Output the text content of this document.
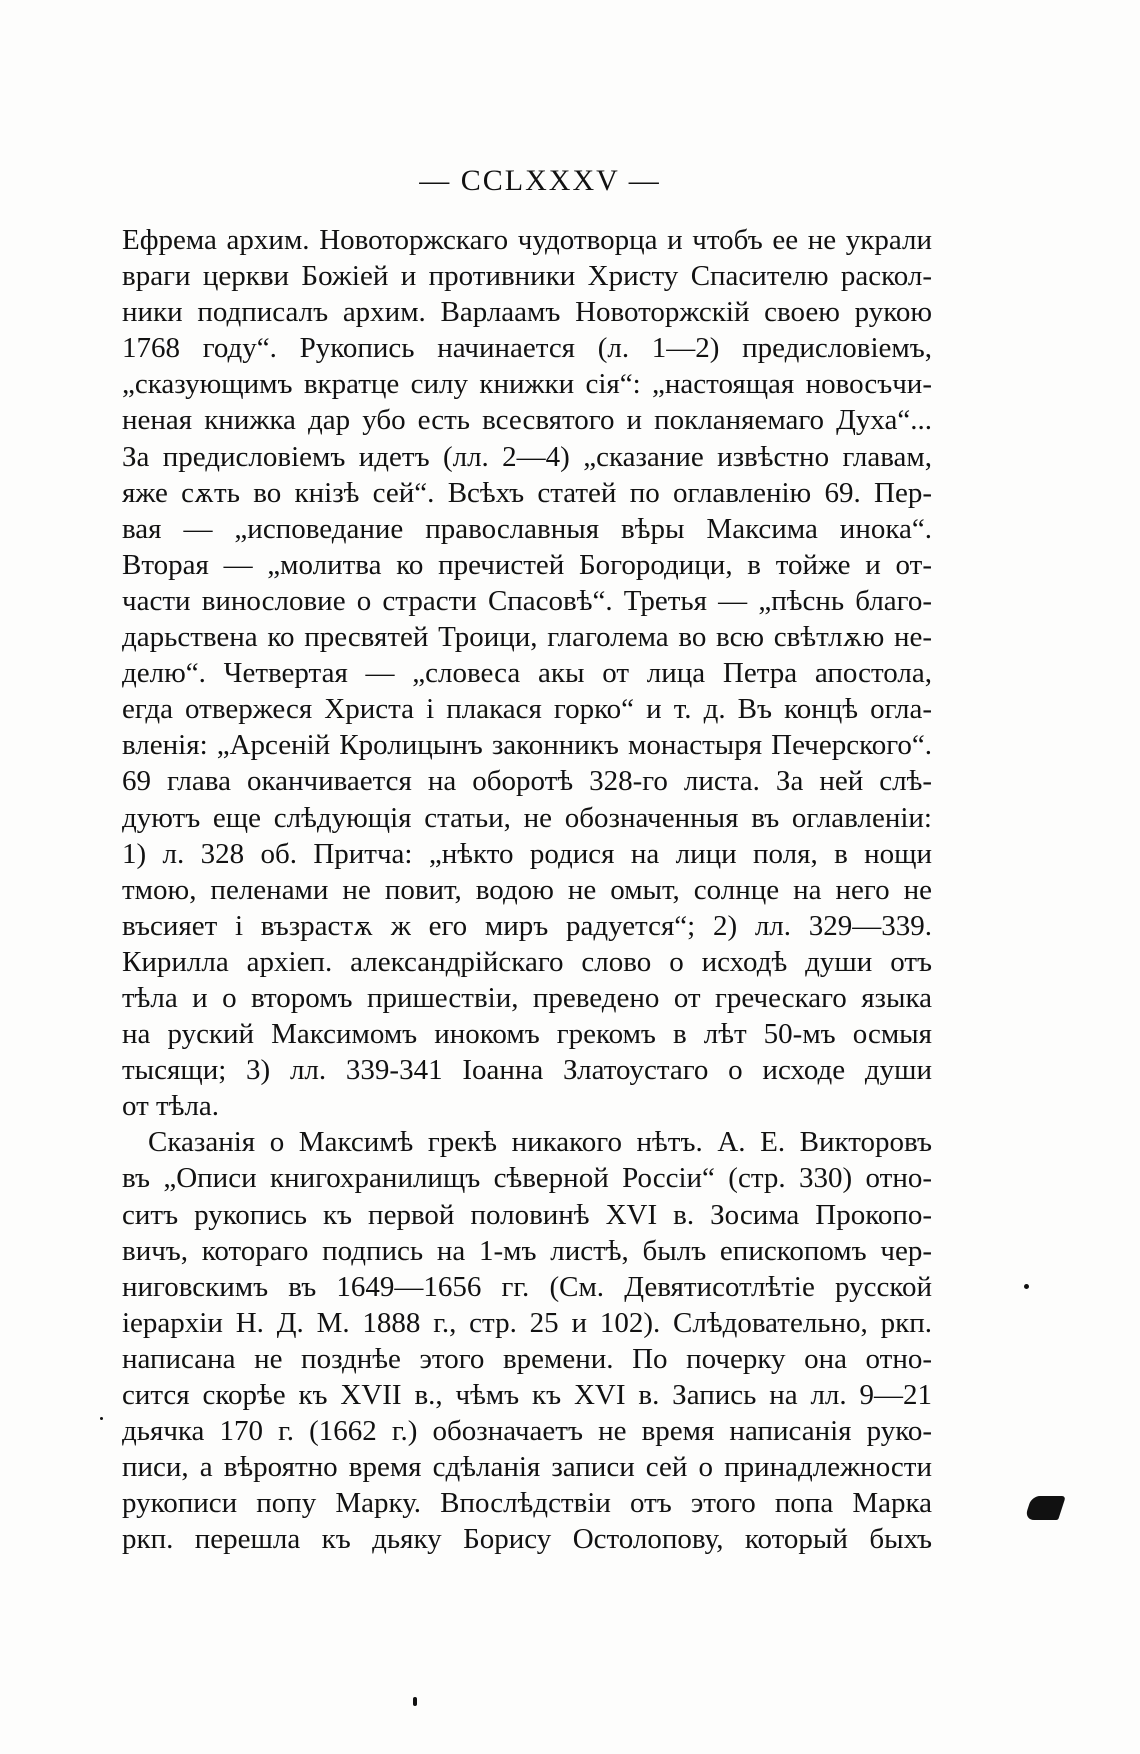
— CCLXXXV —
Ефрема архим. Новоторжскаго чудотворца и чтобъ ее не украли
враги церкви Божiей и противники Христу Спасителю раскол-
ники подписалъ архим. Варлаамъ Новоторжскiй своею рукою
1768 году“. Рукопись начинается (л. 1—2) предисловiемъ,
„сказующимъ вкратце силу книжки сiя“: „настоящая новосъчи-
неная книжка дар убо есть всесвятого и покланяемаго Духа“...
За предисловiемъ идетъ (лл. 2—4) „сказание извѣстно главам,
яже сѫть во кнiзѣ сей“. Всѣхъ статей по оглавленiю 69. Пер-
вая — „исповедание православныя вѣры Максима инока“.
Вторая — „молитва ко пречистей Богородици, в тойже и от-
части винословие о страсти Спасовѣ“. Третья — „пѣснь благо-
дарьствена ко пресвятей Троици, глаголема во всю свѣтлѫю не-
делю“. Четвертая — „словеса акы от лица Петра апостола,
егда отвержеся Христа i плакася горко“ и т. д. Въ концѣ огла-
вленiя: „Арсенiй Кролицынъ законникъ монастыря Печерского“.
69 глава оканчивается на оборотѣ 328-го листа. За ней слѣ-
дуютъ еще слѣдующiя статьи, не обозначенныя въ оглавленiи:
1) л. 328 об. Притча: „нѣкто родися на лици поля, в нощи
тмою, пеленами не повит, водою не омыт, солнце на него не
въсияет i възрастѫ ж его миръ радуется“; 2) лл. 329—339.
Кирилла архiеп. александрiйскаго слово о исходѣ души отъ
тѣла и о второмъ пришествiи, преведено от греческаго языка
на руский Максимомъ инокомъ грекомъ в лѣт 50-мъ осмыя
тысящи; 3) лл. 339-341 Iоанна Златоустаго о исходе души
от тѣла.
Сказанiя о Максимѣ грекѣ никакого нѣтъ. А. Е. Викторовъ
въ „Описи книгохранилищъ сѣверной Россiи“ (стр. 330) отно-
ситъ рукопись къ первой половинѣ XVI в. Зосима Прокопо-
вичъ, котораго подпись на 1-мъ листѣ, былъ епископомъ чер-
ниговскимъ въ 1649—1656 гг. (См. Девятисотлѣтiе русской
iерархiи Н. Д. М. 1888 г., стр. 25 и 102). Слѣдовательно, ркп.
написана не позднѣе этого времени. По почерку она отно-
сится скорѣе къ XVII в., чѣмъ къ XVI в. Запись на лл. 9—21
дьячка 170 г. (1662 г.) обозначаетъ не время написанiя руко-
писи, а вѣроятно время сдѣланiя записи сей о принадлежности
рукописи попу Марку. Впослѣдствiи отъ этого попа Марка
ркп. перешла къ дьяку Борису Остолопову, который быхъ
